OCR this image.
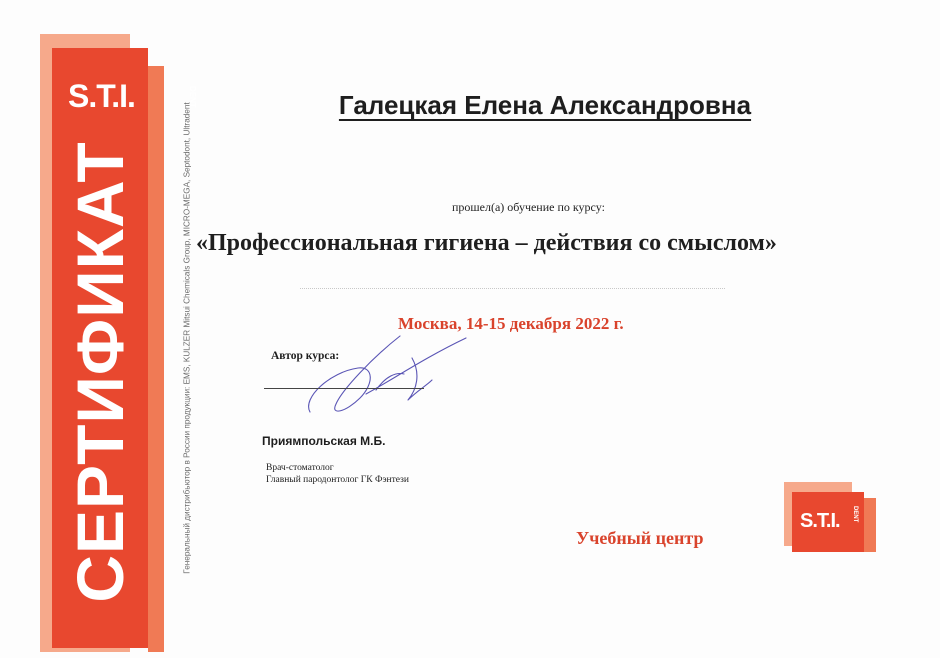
S.T.I.	DENT
СЕРТИФИКАТ	Генеральный дистрибьютор в России продукции: EMS, KULZER Mitsui Chemicals Group, MICRO-MEGA, Septodont, Ultradent	Галецкая Елена Александровна
прошел(а) обучение по курсу:
«Профессиональная гигиена – действия со смыслом»
Москва, 14-15 декабря 2022 г.
Автор курса:
Приямпольская М.Б.
Врач-стоматолог
Главный пародонтолог ГК Фэнтези
Учебный центр
S.T.I. DENT
